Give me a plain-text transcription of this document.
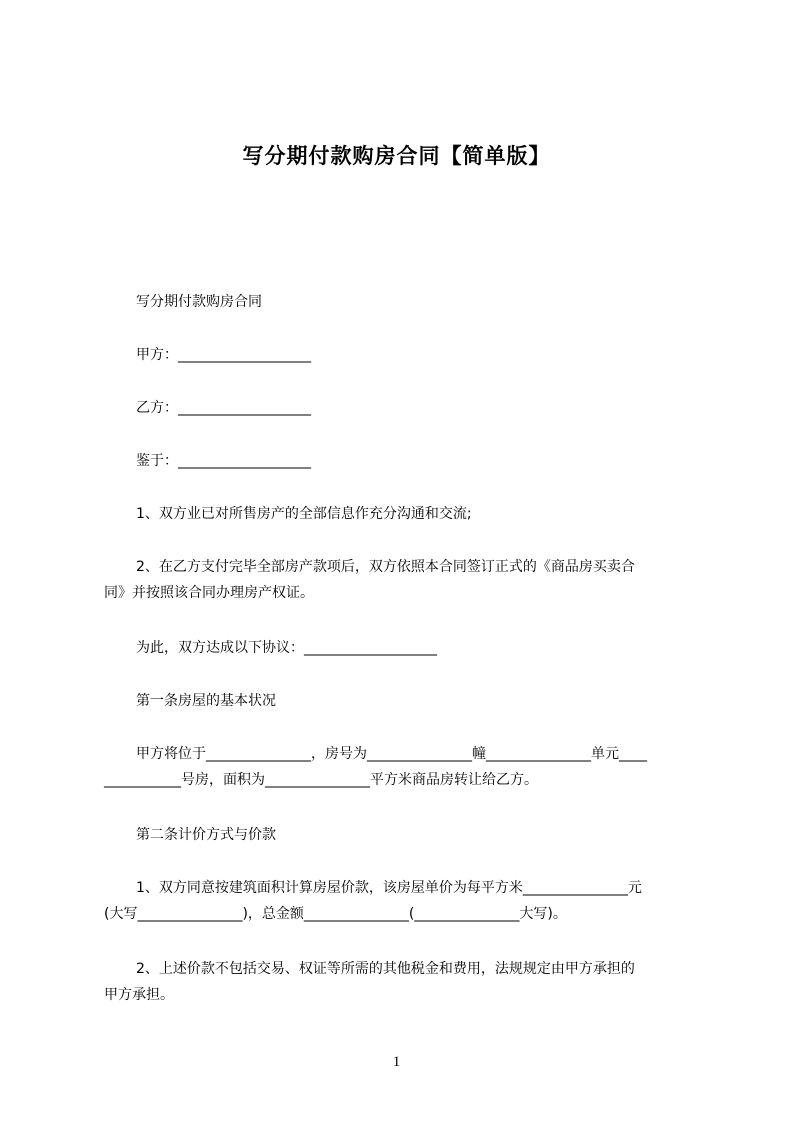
写分期付款购房合同【简单版】
写分期付款购房合同
甲方：___________________
乙方：___________________
鉴于：___________________
1、双方业已对所售房产的全部信息作充分沟通和交流;
2、在乙方支付完毕全部房产款项后，双方依照本合同签订正式的《商品房买卖合
同》并按照该合同办理房产权证。
为此，双方达成以下协议：___________________
第一条房屋的基本状况
甲方将位于_______________，房号为_______________幢_______________单元____
___________号房，面积为_______________平方米商品房转让给乙方。
第二条计价方式与价款
1、双方同意按建筑面积计算房屋价款，该房屋单价为每平方米_______________元
(大写_______________)，总金额_______________(_______________大写)。
2、上述价款不包括交易、权证等所需的其他税金和费用，法规规定由甲方承担的
甲方承担。
1
